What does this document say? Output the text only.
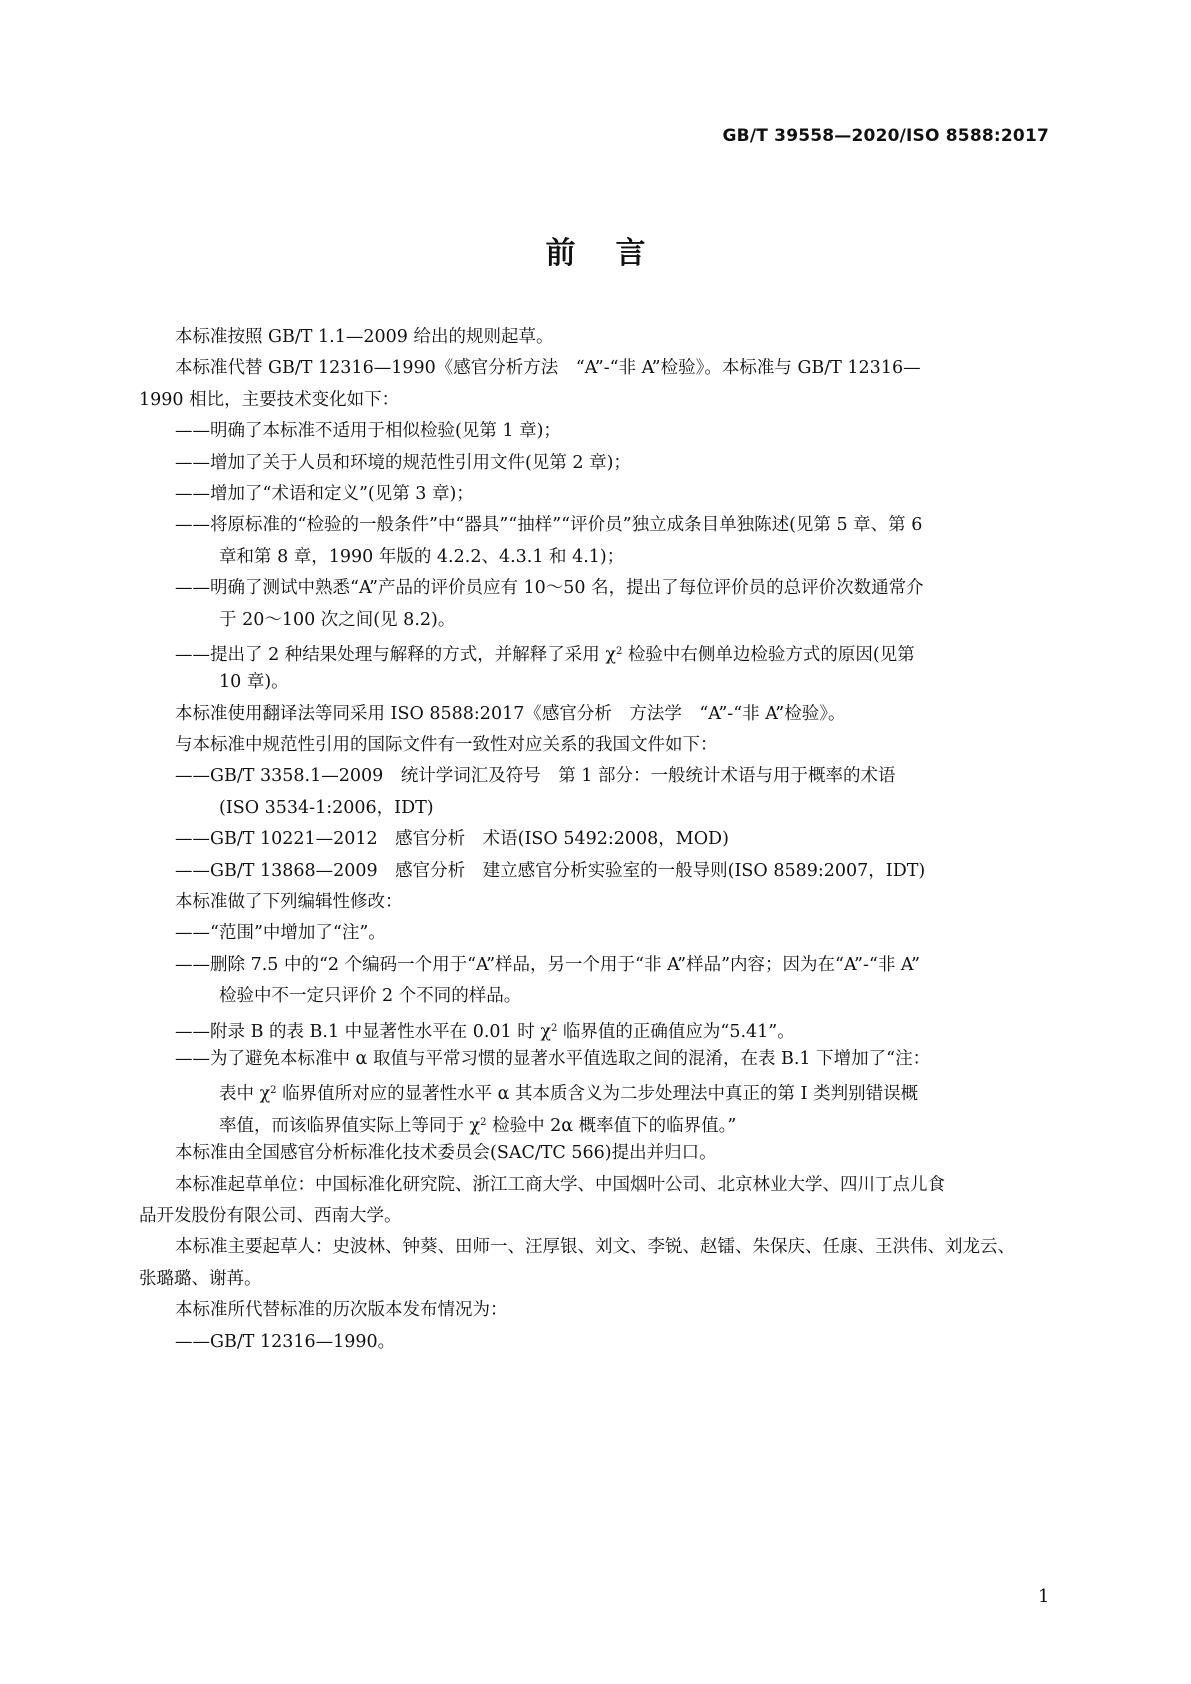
GB/T 39558—2020/ISO 8588:2017
前言
本标准按照 GB/T 1.1—2009 给出的规则起草。
本标准代替 GB/T 12316—1990《感官分析方法　“A”-“非 A”检验》。本标准与 GB/T 12316—
1990 相比，主要技术变化如下：
——明确了本标准不适用于相似检验(见第 1 章)；
——增加了关于人员和环境的规范性引用文件(见第 2 章)；
——增加了“术语和定义”(见第 3 章)；
——将原标准的“检验的一般条件”中“器具”“抽样”“评价员”独立成条目单独陈述(见第 5 章、第 6
章和第 8 章，1990 年版的 4.2.2、4.3.1 和 4.1)；
——明确了测试中熟悉“A”产品的评价员应有 10～50 名，提出了每位评价员的总评价次数通常介
于 20～100 次之间(见 8.2)。
——提出了 2 种结果处理与解释的方式，并解释了采用 $\chi^2$ 检验中右侧单边检验方式的原因(见第
10 章)。
本标准使用翻译法等同采用 ISO 8588:2017《感官分析　方法学　“A”-“非 A”检验》。
与本标准中规范性引用的国际文件有一致性对应关系的我国文件如下：
——GB/T 3358.1—2009　统计学词汇及符号　第 1 部分：一般统计术语与用于概率的术语
(ISO 3534-1:2006，IDT)
——GB/T 10221—2012　感官分析　术语(ISO 5492:2008，MOD)
——GB/T 13868—2009　感官分析　建立感官分析实验室的一般导则(ISO 8589:2007，IDT)
本标准做了下列编辑性修改：
——“范围”中增加了“注”。
——删除 7.5 中的“2 个编码一个用于“A”样品，另一个用于“非 A”样品”内容；因为在“A”-“非 A”
检验中不一定只评价 2 个不同的样品。
——附录 B 的表 B.1 中显著性水平在 0.01 时 $\chi^2$ 临界值的正确值应为“5.41”。
——为了避免本标准中 α 取值与平常习惯的显著水平值选取之间的混淆，在表 B.1 下增加了“注：
表中 $\chi^2$ 临界值所对应的显著性水平 α 其本质含义为二步处理法中真正的第 I 类判别错误概
率值，而该临界值实际上等同于 $\chi^2$ 检验中 2α 概率值下的临界值。”
本标准由全国感官分析标准化技术委员会(SAC/TC 566)提出并归口。
本标准起草单位：中国标准化研究院、浙江工商大学、中国烟叶公司、北京林业大学、四川丁点儿食
品开发股份有限公司、西南大学。
本标准主要起草人：史波林、钟葵、田师一、汪厚银、刘文、李锐、赵镭、朱保庆、任康、王洪伟、刘龙云、
张璐璐、谢苒。
本标准所代替标准的历次版本发布情况为：
——GB/T 12316—1990。
1
